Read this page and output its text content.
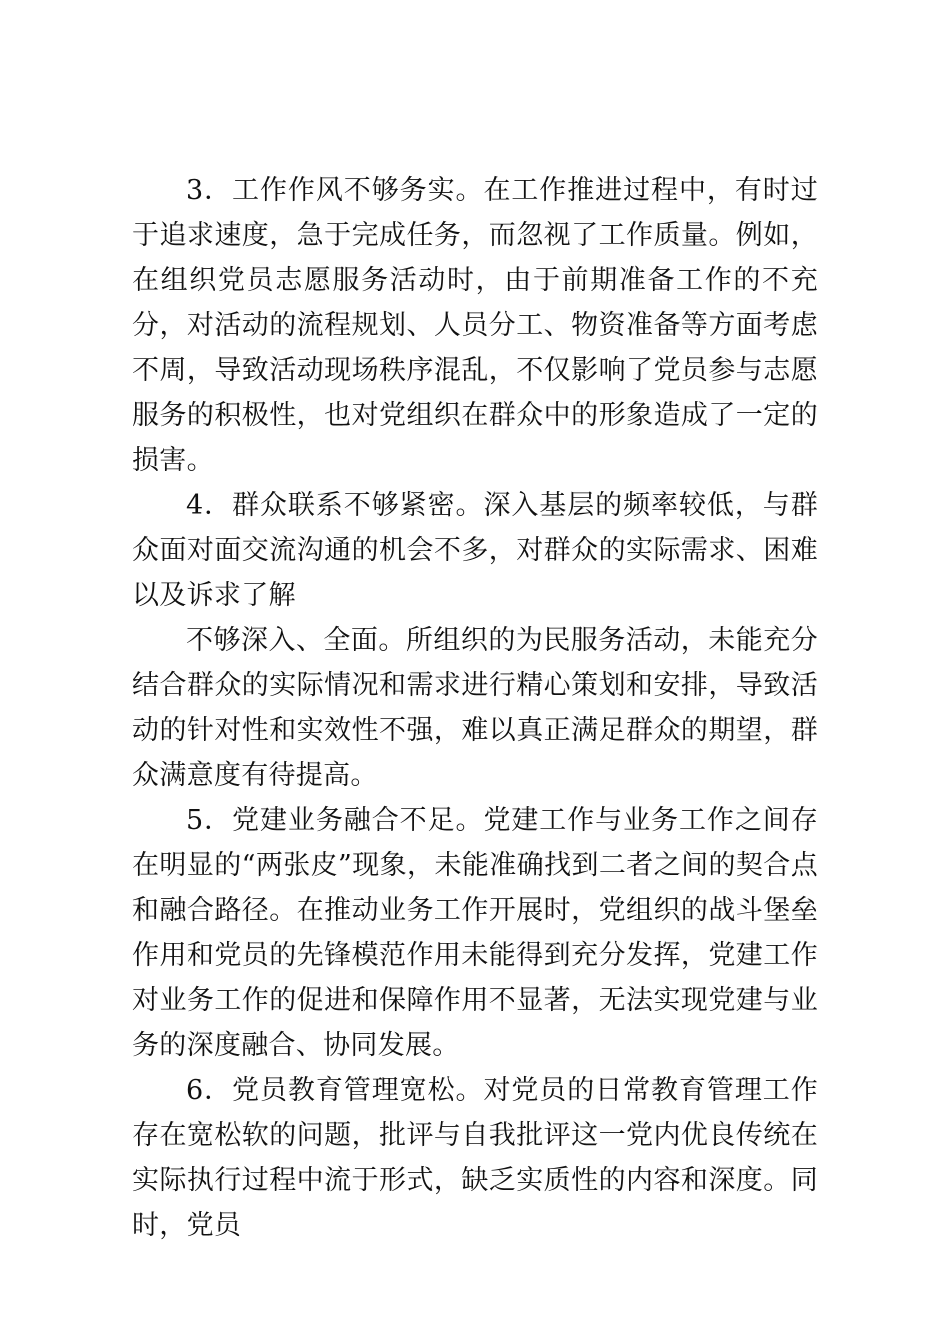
3．工作作风不够务实。在工作推进过程中，有时过于追求速度，急于完成任务，而忽视了工作质量。例如，在组织党员志愿服务活动时，由于前期准备工作的不充分，对活动的流程规划、人员分工、物资准备等方面考虑不周，导致活动现场秩序混乱，不仅影响了党员参与志愿服务的积极性，也对党组织在群众中的形象造成了一定的损害。

4．群众联系不够紧密。深入基层的频率较低，与群众面对面交流沟通的机会不多，对群众的实际需求、困难以及诉求了解

不够深入、全面。所组织的为民服务活动，未能充分结合群众的实际情况和需求进行精心策划和安排，导致活动的针对性和实效性不强，难以真正满足群众的期望，群众满意度有待提高。

5．党建业务融合不足。党建工作与业务工作之间存在明显的“两张皮”现象，未能准确找到二者之间的契合点和融合路径。在推动业务工作开展时，党组织的战斗堡垒作用和党员的先锋模范作用未能得到充分发挥，党建工作对业务工作的促进和保障作用不显著，无法实现党建与业务的深度融合、协同发展。

6．党员教育管理宽松。对党员的日常教育管理工作存在宽松软的问题，批评与自我批评这一党内优良传统在实际执行过程中流于形式，缺乏实质性的内容和深度。同时，党员
